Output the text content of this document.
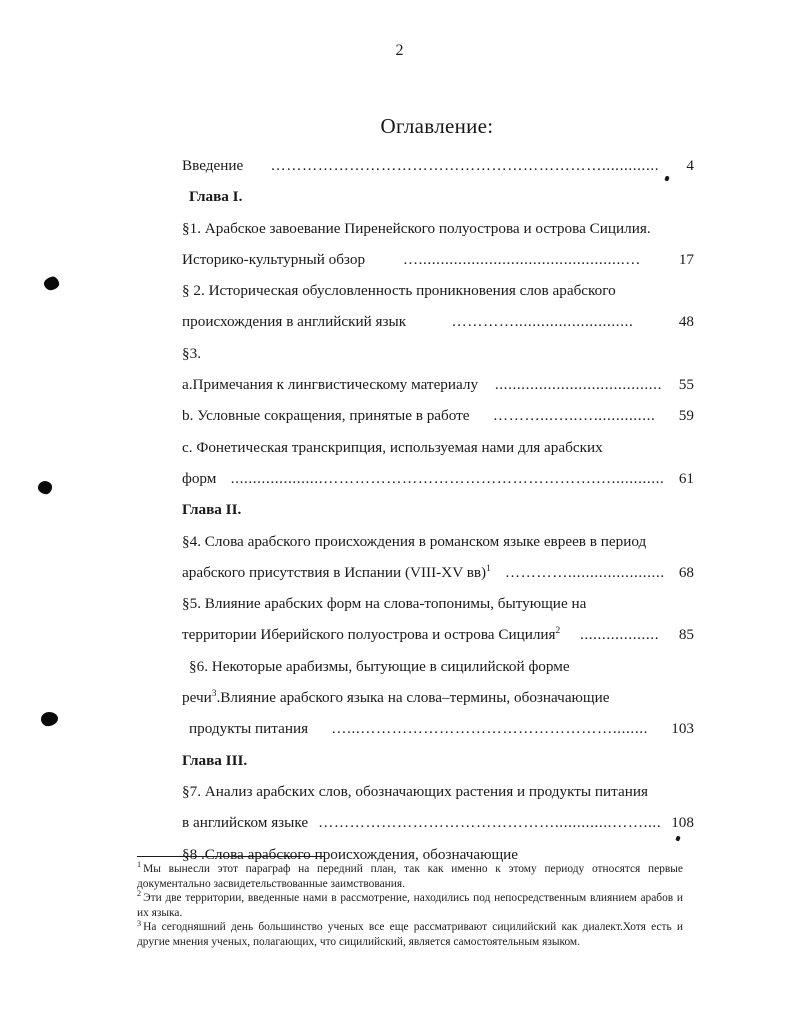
2
Оглавление:
Введение ………………………………………………………............. 4
Глава I.
§1. Арабское завоевание Пиренейского полуострова и острова Сицилия.
Историко-культурный обзор …...............................................… 17
§ 2. Историческая обусловленность проникновения слов арабского
происхождения в английский язык	…………...........................	48
§3.
a.Примечания к лингвистическому материалу ...................................... 55
b. Условные сокращения, принятые в работе ………...…..….............. 59
c. Фонетическая транскрипция, используемая нами для арабских
форм .....................…………………………………………….…............ 61
Глава II.
§4. Слова арабского происхождения в романском языке евреев в период
арабского присутствия в Испании (VIII-XV вв)$^1$ …………...................... 68
§5. Влияние арабских форм на слова-топонимы, бытующие на
территории Иберийского полуострова и острова Сицилия$^2$ .................. 85
§6. Некоторые арабизмы, бытующие в сицилийской форме
речи$^3$.Влияние арабского языка на слова–термины, обозначающие
продукты питания …...…………………………………………........ 103
Глава III.
§7. Анализ арабских слов, обозначающих растения и продукты питания
в английском языке ……………………………………….............…….... 108
§8 .Слова арабского происхождения, обозначающие
$^1$ Мы вынесли этот параграф на передний план, так как именно к этому периоду относятся первые документально засвидетельствованные заимствования.
$^2$ Эти две территории, введенные нами в рассмотрение, находились под непосредственным влиянием арабов и их языка.
$^3$ На сегодняшний день большинство ученых все еще рассматривают сицилийский как диалект.Хотя есть и другие мнения ученых, полагающих, что сицилийский, является самостоятельным языком.
